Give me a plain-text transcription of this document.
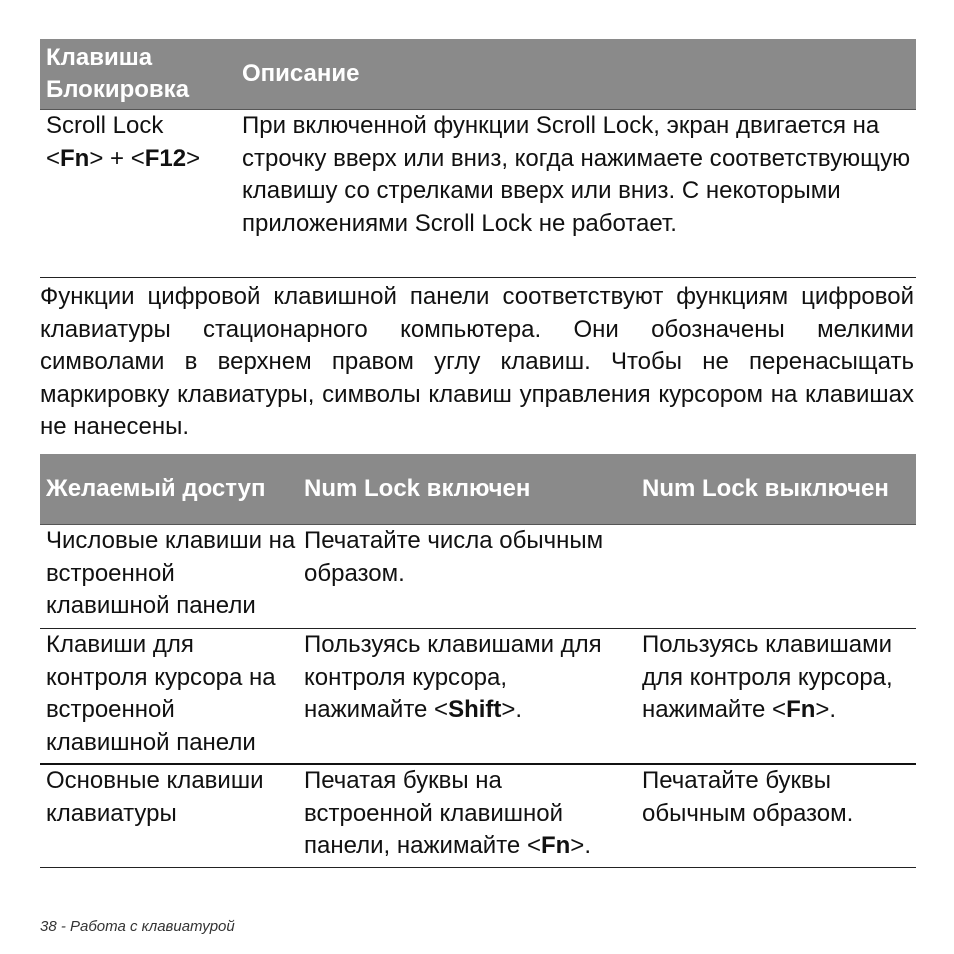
Клавиша Блокировка	Описание
Scroll Lock
<Fn> + <F12>	При включенной функции Scroll Lock, экран двигается на строчку вверх или вниз, когда нажимаете соответствующую клавишу со стрелками вверх или вниз. С некоторыми приложениями Scroll Lock не работает.

Функции цифровой клавишной панели соответствуют функциям цифровой клавиатуры стационарного компьютера. Они обозначены мелкими символами в верхнем правом углу клавиш. Чтобы не перенасыщать маркировку клавиатуры, символы клавиш управления курсором на клавишах не нанесены.

Желаемый доступ	Num Lock включен	Num Lock выключен
Числовые клавиши на встроенной клавишной панели	Печатайте числа обычным образом.	
Клавиши для контроля курсора на встроенной клавишной панели	Пользуясь клавишами для контроля курсора, нажимайте <Shift>.	Пользуясь клавишами для контроля курсора, нажимайте <Fn>.
Основные клавиши клавиатуры	Печатая буквы на встроенной клавишной панели, нажимайте <Fn>.	Печатайте буквы обычным образом.
38 - Работа с клавиатурой
